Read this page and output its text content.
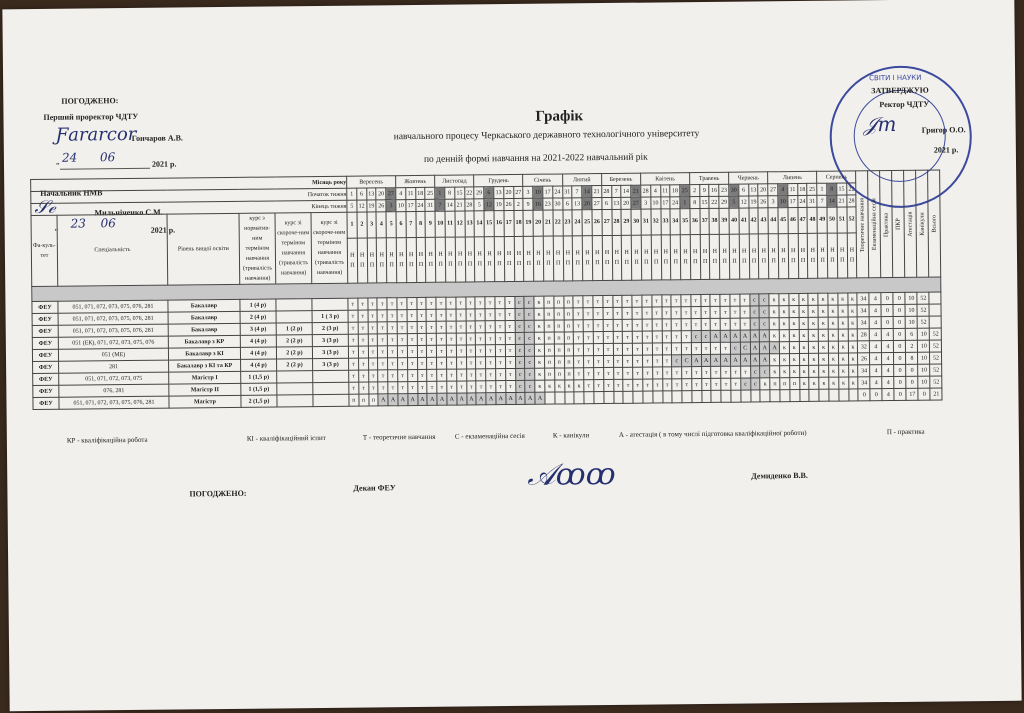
ПОГОДЖЕНО:
Перший проректор ЧДТУ
Ƒаrarcor
Гончаров А.В.
„ 24 06	2021 р.
Начальник НМВ
𝒮ℯ	Мильніченко С.М.
„ 23 06	2021 р.
Графік
навчального процесу Черкаського державного технологічного університету
по денній формі навчання на 2021-2022 навчальний рік
СВІТИ І НАУКИ
ЗАТВЕРДЖУЮ
Ректор ЧДТУ
𝒥m	Григор О.О.
2021 р.
Місяць року	Вересень	Жовтень	Листопад	Грудень	Січень	Лютий	Березень	Квітень	Травень	Червень	Липень	Серпень	Теоретичне навчання	Екзаменаційна сесія	Практика	ПКР	Атестація	Канікули	Всього
Початок тижня	1	6	13	20	27	4	11	18	25	1	8	15	22	29	6	13	20	27	3	10	17	24	31	7	14	21	28	7	14	21	28	4	11	18	25	2	9	16	23	30	6	13	20	27	4	11	18	25	1	8	15	22
Кінець тижня	5	12	19	26	3	10	17	24	31	7	14	21	28	5	12	19	26	2	9	16	23	30	6	13	20	27	6	13	20	27	3	10	17	24	1	8	15	22	29	5	12	19	26	3	10	17	24	31	7	14	21	28
Фа-куль-тет	Спеціальність	Рівень вищої освіти	курс з норматив-ним терміном навчання (тривалість навчання)	курс зі скороче-ним терміном навчання (тривалість навчання)	курс зі скороче-ним терміном навчання (тривалість навчання)	1	2	3	4	5	6	7	8	9	10	11	12	13	14	15	16	17	18	19	20	21	22	23	24	25	26	27	28	29	30	31	32	33	34	35	36	37	38	39	40	41	42	43	44	45	46	47	48	49	50	51	52
Н П	Н П	Н П	Н П	Н П	Н П	Н П	Н П	Н П	Н П	Н П	Н П	Н П	Н П	Н П	Н П	Н П	Н П	Н П	Н П	Н П	Н П	Н П	Н П	Н П	Н П	Н П	Н П	Н П	Н П	Н П	Н П	Н П	Н П	Н П	Н П	Н П	Н П	Н П	Н П	Н П	Н П	Н П	Н П	Н П	Н П	Н П	Н П	Н П	Н П	Н П	Н П

ФЕУ	051, 071, 072, 073, 075, 076, 281	Бакалавр	1 (4 р)			т	т	т	т	т	т	т	т	т	т	т	т	т	т	т	т	т	с	с	к	п	п	п	т	т	т	т	т	т	т	т	т	т	т	т	т	т	т	т	т	т	с	с	к	к	к	к	к	к	к	к	к	34	4	0	0	10	52	
ФЕУ	051, 071, 072, 073, 075, 076, 281	Бакалавр	2 (4 р)		1 ( 3 р)	т	т	т	т	т	т	т	т	т	т	т	т	т	т	т	т	т	с	с	к	п	п	п	т	т	т	т	т	т	т	т	т	т	т	т	т	т	т	т	т	т	с	с	к	к	к	к	к	к	к	к	к	34	4	0	0	10	52	
ФЕУ	051, 071, 072, 073, 075, 076, 281	Бакалавр	3 (4 р)	1 (2 р)	2 (3 р)	т	т	т	т	т	т	т	т	т	т	т	т	т	т	т	т	т	с	с	к	п	п	п	т	т	т	т	т	т	т	т	т	т	т	т	т	т	т	т	т	т	с	с	к	к	к	к	к	к	к	к	к	34	4	0	0	10	52	
ФЕУ	051 (ЕК), 071, 072, 073, 075, 076	Бакалавр з КР	4 (4 р)	2 (2 р)	3 (3 р)	т	т	т	т	т	т	т	т	т	т	т	т	т	т	т	т	т	с	с	к	п	п	п	т	т	т	т	т	т	т	т	т	т	т	т	с	с	А	А	А	А	А	А	к	к	к	к	к	к	к	к	к	28	4	4	0	6	10	52
ФЕУ	051 (МЕ)	Бакалавр з КІ	4 (4 р)	2 (2 р)	3 (3 р)	т	т	т	т	т	т	т	т	т	т	т	т	т	т	т	т	т	с	с	к	п	п	п	т	т	т	т	т	т	т	т	т	т	т	т	т	т	т	т	с	С	А	А	А	к	к	к	к	к	к	к	к	32	4	4	0	2	10	52
ФЕУ	281	Бакалавр з КІ та КР	4 (4 р)	2 (2 р)	3 (3 р)	т	т	т	т	т	т	т	т	т	т	т	т	т	т	т	т	т	с	с	к	п	п	п	т	т	т	т	т	т	т	т	т	т	с	С	А	А	А	А	А	А	А	А	к	к	к	к	к	к	к	к	к	26	4	4	0	8	10	52
ФЕУ	051, 071, 072, 073, 075	Магістр І	1 (1,5 р)			т	т	т	т	т	т	т	т	т	т	т	т	т	т	т	т	т	с	с	к	п	п	п	т	т	т	т	т	т	т	т	т	т	т	т	т	т	т	т	т	т	с	с	к	к	к	к	к	к	к	к	к	34	4	4	0	0	10	52
ФЕУ	076, 281	Магістр ІІ	1 (1,5 р)			т	т	т	т	т	т	т	т	т	т	т	т	т	т	т	т	т	с	с	к	к	к	к	к	т	т	т	т	т	т	т	т	т	т	т	т	т	т	т	т	с	с	к	п	п	п	к	к	к	к	к	к	34	4	4	0	0	10	52
ФЕУ	051, 071, 072, 073, 075, 076, 281	Магістр	2 (1,5 р)			п	п	п	А	А	А	А	А	А	А	А	А	А	А	А	А	А	А	А	А																																	0	0	4	0	17	0	21
КР - кваліфікаційна робота	КІ - кваліфікаційний іспит	Т - теоретичне навчання	С - екзаменаційна сесія	К - канікули	А - атестація ( в тому числі підготовка кваліфікаційної роботи)	П - практика
ПОГОДЖЕНО:
Декан ФЕУ	𝒜ꝏꝏ	Демиденко В.В.
